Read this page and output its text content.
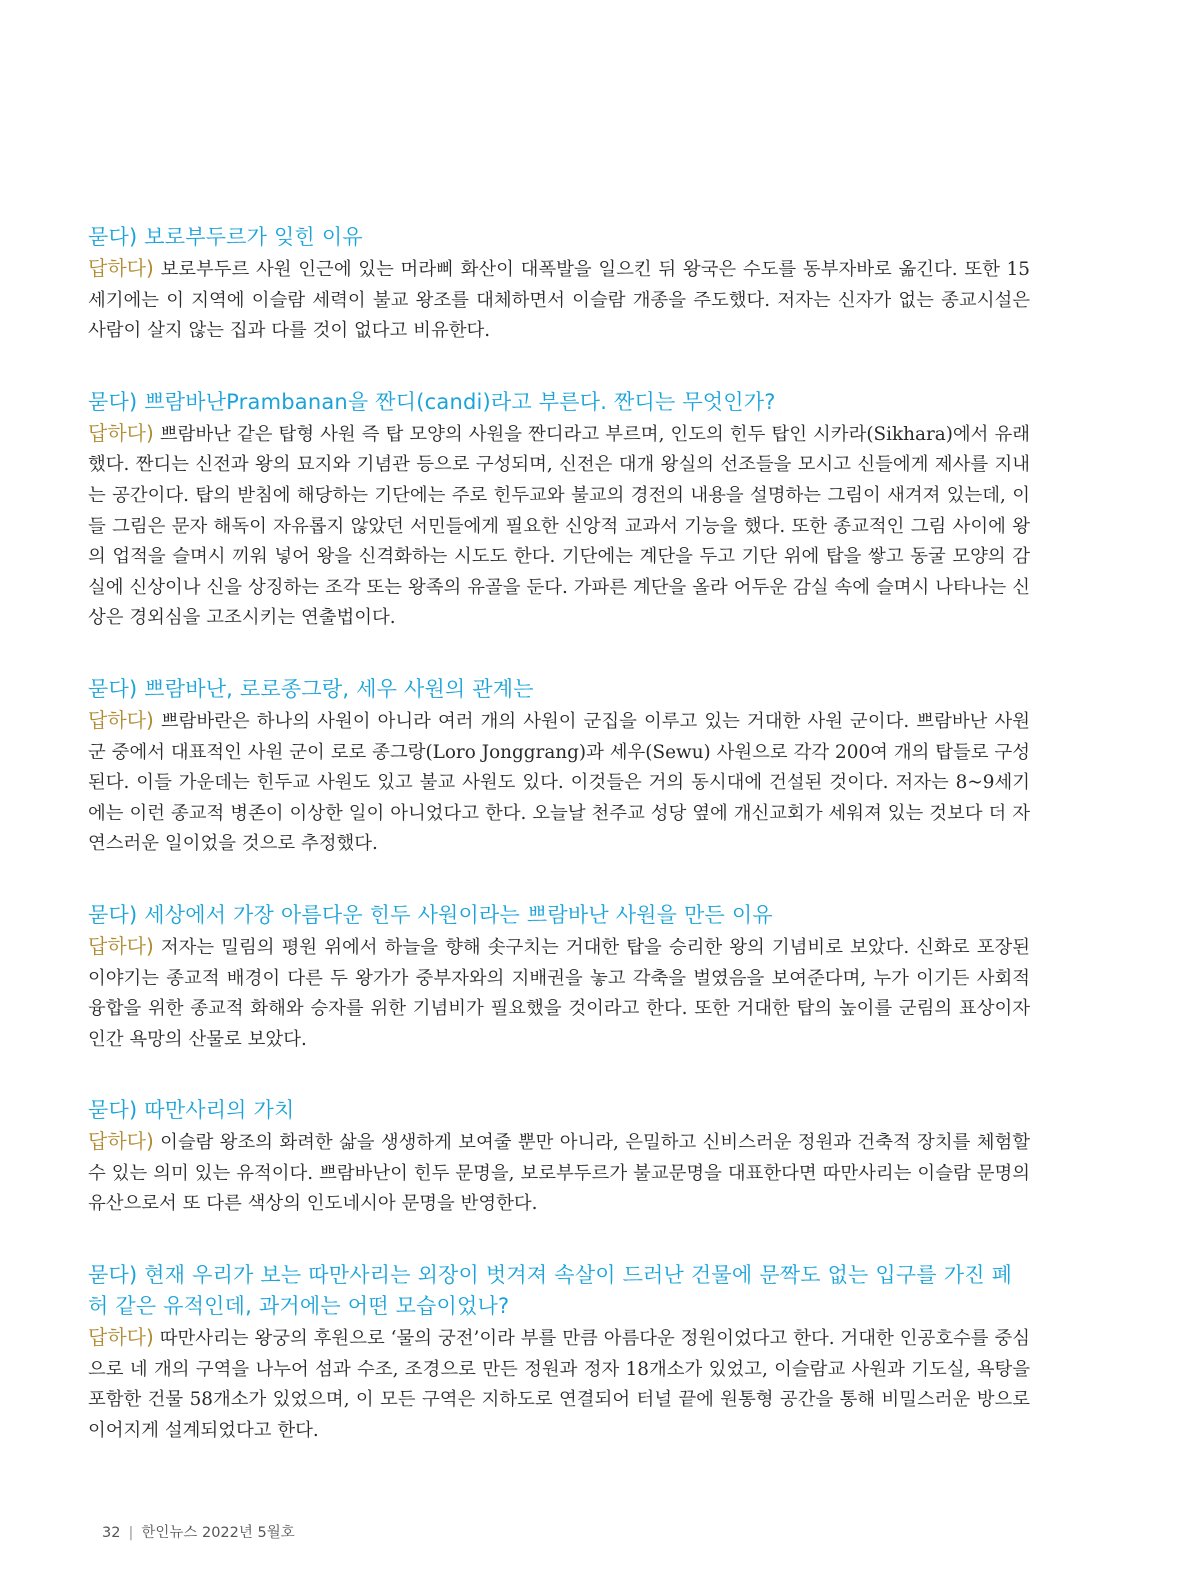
묻다) 보로부두르가 잊힌 이유

답하다) 보로부두르 사원 인근에 있는 머라삐 화산이 대폭발을 일으킨 뒤 왕국은 수도를 동부자바로 옮긴다. 또한 15세기에는 이 지역에 이슬람 세력이 불교 왕조를 대체하면서 이슬람 개종을 주도했다. 저자는 신자가 없는 종교시설은 사람이 살지 않는 집과 다를 것이 없다고 비유한다.

묻다) 쁘람바난Prambanan을 짠디(candi)라고 부른다. 짠디는 무엇인가?

답하다) 쁘람바난 같은 탑형 사원 즉 탑 모양의 사원을 짠디라고 부르며, 인도의 힌두 탑인 시카라(Sikhara)에서 유래했다. 짠디는 신전과 왕의 묘지와 기념관 등으로 구성되며, 신전은 대개 왕실의 선조들을 모시고 신들에게 제사를 지내는 공간이다. 탑의 받침에 해당하는 기단에는 주로 힌두교와 불교의 경전의 내용을 설명하는 그림이 새겨져 있는데, 이들 그림은 문자 해독이 자유롭지 않았던 서민들에게 필요한 신앙적 교과서 기능을 했다. 또한 종교적인 그림 사이에 왕의 업적을 슬며시 끼워 넣어 왕을 신격화하는 시도도 한다. 기단에는 계단을 두고 기단 위에 탑을 쌓고 동굴 모양의 감실에 신상이나 신을 상징하는 조각 또는 왕족의 유골을 둔다. 가파른 계단을 올라 어두운 감실 속에 슬며시 나타나는 신상은 경외심을 고조시키는 연출법이다.

묻다) 쁘람바난, 로로종그랑, 세우 사원의 관계는

답하다) 쁘람바란은 하나의 사원이 아니라 여러 개의 사원이 군집을 이루고 있는 거대한 사원 군이다. 쁘람바난 사원 군 중에서 대표적인 사원 군이 로로 종그랑(Loro Jonggrang)과 세우(Sewu) 사원으로 각각 200여 개의 탑들로 구성된다. 이들 가운데는 힌두교 사원도 있고 불교 사원도 있다. 이것들은 거의 동시대에 건설된 것이다. 저자는 8~9세기에는 이런 종교적 병존이 이상한 일이 아니었다고 한다. 오늘날 천주교 성당 옆에 개신교회가 세워져 있는 것보다 더 자연스러운 일이었을 것으로 추정했다.

묻다) 세상에서 가장 아름다운 힌두 사원이라는 쁘람바난 사원을 만든 이유

답하다) 저자는 밀림의 평원 위에서 하늘을 향해 솟구치는 거대한 탑을 승리한 왕의 기념비로 보았다. 신화로 포장된 이야기는 종교적 배경이 다른 두 왕가가 중부자와의 지배권을 놓고 각축을 벌였음을 보여준다며, 누가 이기든 사회적 융합을 위한 종교적 화해와 승자를 위한 기념비가 필요했을 것이라고 한다. 또한 거대한 탑의 높이를 군림의 표상이자 인간 욕망의 산물로 보았다.

묻다) 따만사리의 가치

답하다) 이슬람 왕조의 화려한 삶을 생생하게 보여줄 뿐만 아니라, 은밀하고 신비스러운 정원과 건축적 장치를 체험할 수 있는 의미 있는 유적이다. 쁘람바난이 힌두 문명을, 보로부두르가 불교문명을 대표한다면 따만사리는 이슬람 문명의 유산으로서 또 다른 색상의 인도네시아 문명을 반영한다.

묻다) 현재 우리가 보는 따만사리는 외장이 벗겨져 속살이 드러난 건물에 문짝도 없는 입구를 가진 폐허 같은 유적인데, 과거에는 어떤 모습이었나?

답하다) 따만사리는 왕궁의 후원으로 ‘물의 궁전’이라 부를 만큼 아름다운 정원이었다고 한다. 거대한 인공호수를 중심으로 네 개의 구역을 나누어 섬과 수조, 조경으로 만든 정원과 정자 18개소가 있었고, 이슬람교 사원과 기도실, 욕탕을 포함한 건물 58개소가 있었으며, 이 모든 구역은 지하도로 연결되어 터널 끝에 원통형 공간을 통해 비밀스러운 방으로 이어지게 설계되었다고 한다.

32 | 한인뉴스 2022년 5월호
